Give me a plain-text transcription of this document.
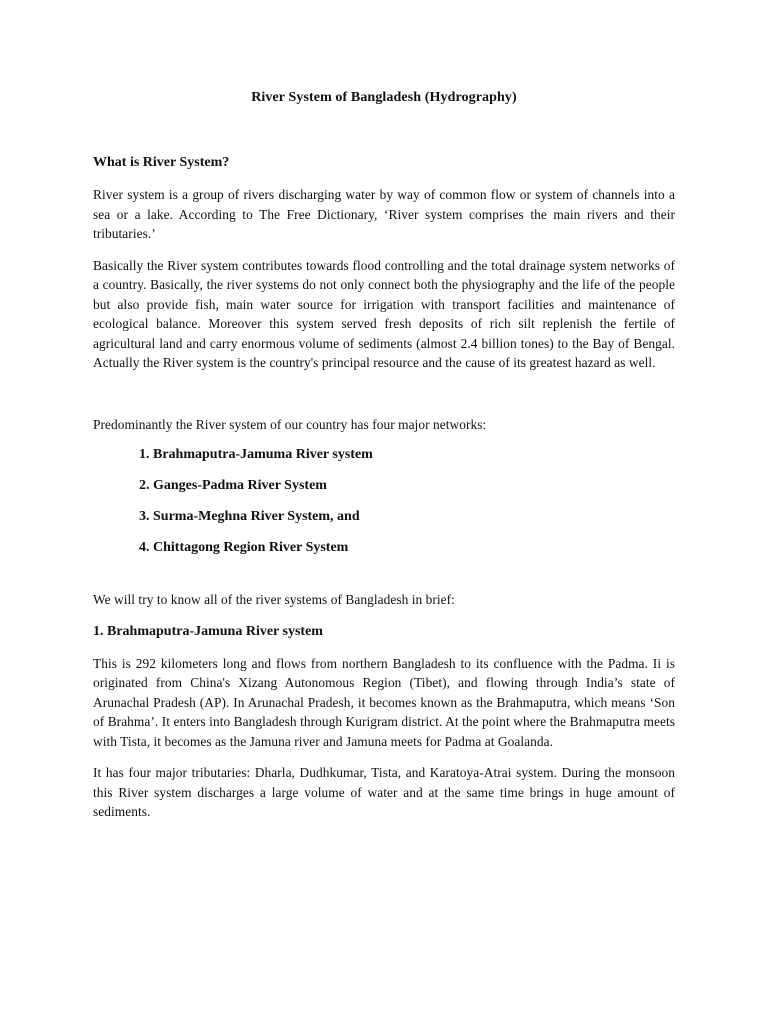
River System of Bangladesh (Hydrography)

What is River System?

River system is a group of rivers discharging water by way of common flow or system of channels into a sea or a lake. According to The Free Dictionary, ‘River system comprises the main rivers and their tributaries.’

Basically the River system contributes towards flood controlling and the total drainage system networks of a country. Basically, the river systems do not only connect both the physiography and the life of the people but also provide fish, main water source for irrigation with transport facilities and maintenance of ecological balance. Moreover this system served fresh deposits of rich silt replenish the fertile of agricultural land and carry enormous volume of sediments (almost 2.4 billion tones) to the Bay of Bengal. Actually the River system is the country's principal resource and the cause of its greatest hazard as well.

Predominantly the River system of our country has four major networks:

1. Brahmaputra-Jamuma River system
2. Ganges-Padma River System
3. Surma-Meghna River System, and
4. Chittagong Region River System

We will try to know all of the river systems of Bangladesh in brief:

1. Brahmaputra-Jamuna River system

This is 292 kilometers long and flows from northern Bangladesh to its confluence with the Padma. Ii is originated from China's Xizang Autonomous Region (Tibet), and flowing through India’s state of Arunachal Pradesh (AP). In Arunachal Pradesh, it becomes known as the Brahmaputra, which means ‘Son of Brahma’. It enters into Bangladesh through Kurigram district. At the point where the Brahmaputra meets with Tista, it becomes as the Jamuna river and Jamuna meets for Padma at Goalanda.

It has four major tributaries: Dharla, Dudhkumar, Tista, and Karatoya-Atrai system. During the monsoon this River system discharges a large volume of water and at the same time brings in huge amount of sediments.
